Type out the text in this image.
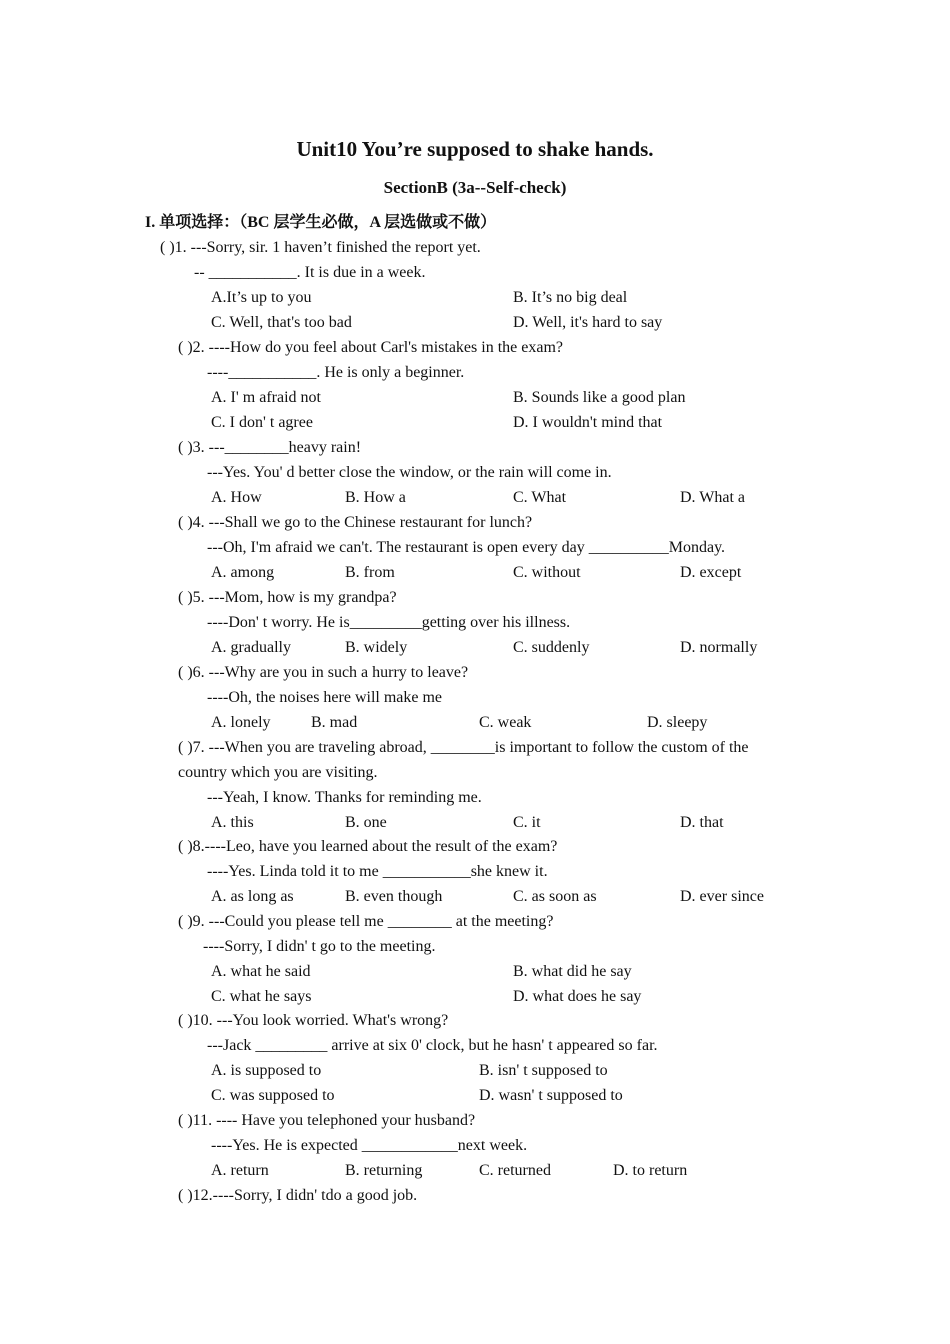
Unit10 You’re supposed to shake hands.
SectionB (3a--Self-check)
I. 单项选择：（BC 层学生必做，A 层选做或不做）
( )1. ---Sorry, sir. 1 haven’t finished the report yet.
-- ___________. It is due in a week.
A.It’s up to you	B. It’s no big deal
C. Well, that's too bad	D. Well, it's hard to say
( )2. ----How do you feel about Carl's mistakes in the exam?
----___________. He is only a beginner.
A. I' m afraid not	B. Sounds like a good plan
C. I don' t agree	D. I wouldn't mind that
( )3. ---________heavy rain!
---Yes. You' d better close the window, or the rain will come in.
A. How	B. How a	C. What	D. What a
( )4. ---Shall we go to the Chinese restaurant for lunch?
---Oh, I'm afraid we can't. The restaurant is open every day __________Monday.
A. among	B. from	C. without	D. except
( )5. ---Mom, how is my grandpa?
----Don' t worry. He is_________getting over his illness.
A. gradually	B. widely	C. suddenly	D. normally
( )6. ---Why are you in such a hurry to leave?
----Oh, the noises here will make me
A. lonely	B. mad	C. weak	D. sleepy
( )7. ---When you are traveling abroad, ________is important to follow the custom of the
country which you are visiting.
---Yeah, I know. Thanks for reminding me.
A. this	B. one	C. it	D. that
( )8.----Leo, have you learned about the result of the exam?
----Yes. Linda told it to me ___________she knew it.
A. as long as	B. even though	C. as soon as	D. ever since
( )9. ---Could you please tell me ________ at the meeting?
----Sorry, I didn' t go to the meeting.
A. what he said	B. what did he say
C. what he says	D. what does he say
( )10. ---You look worried. What's wrong?
---Jack _________ arrive at six 0' clock, but he hasn' t appeared so far.
A. is supposed to	B. isn' t supposed to
C. was supposed to	D. wasn' t supposed to
( )11. ---- Have you telephoned your husband?
----Yes. He is expected ____________next week.
A. return	B. returning	C. returned	D. to return
( )12.----Sorry, I didn' tdo a good job.
